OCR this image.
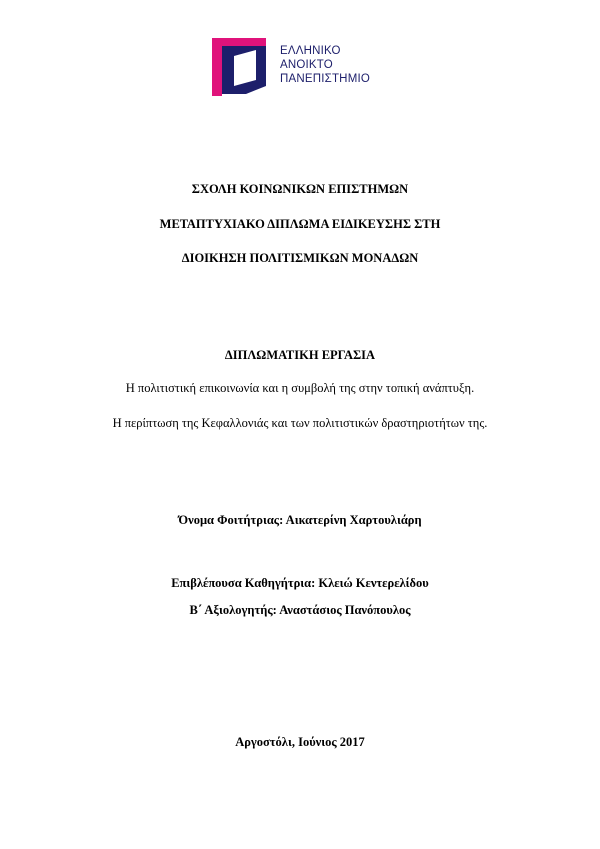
ΕΛΛΗΝΙΚΟ
ΑΝΟΙΚΤΟ
ΠΑΝΕΠΙΣΤΗΜΙΟ
ΣΧΟΛΗ ΚΟΙΝΩΝΙΚΩΝ ΕΠΙΣΤΗΜΩΝ
ΜΕΤΑΠΤΥΧΙΑΚΟ ΔΙΠΛΩΜΑ ΕΙΔΙΚΕΥΣΗΣ ΣΤΗ
ΔΙΟΙΚΗΣΗ ΠΟΛΙΤΙΣΜΙΚΩΝ ΜΟΝΑΔΩΝ
ΔΙΠΛΩΜΑΤΙΚΗ ΕΡΓΑΣΙΑ
Η πολιτιστική επικοινωνία και η συμβολή της στην τοπική ανάπτυξη.
Η περίπτωση της Κεφαλλονιάς και των πολιτιστικών δραστηριοτήτων της.
Όνομα Φοιτήτριας: Αικατερίνη Χαρτουλιάρη
Επιβλέπουσα Καθηγήτρια: Κλειώ Κεντερελίδου
Β΄ Αξιολογητής: Αναστάσιος Πανόπουλος
Αργοστόλι, Ιούνιος 2017
